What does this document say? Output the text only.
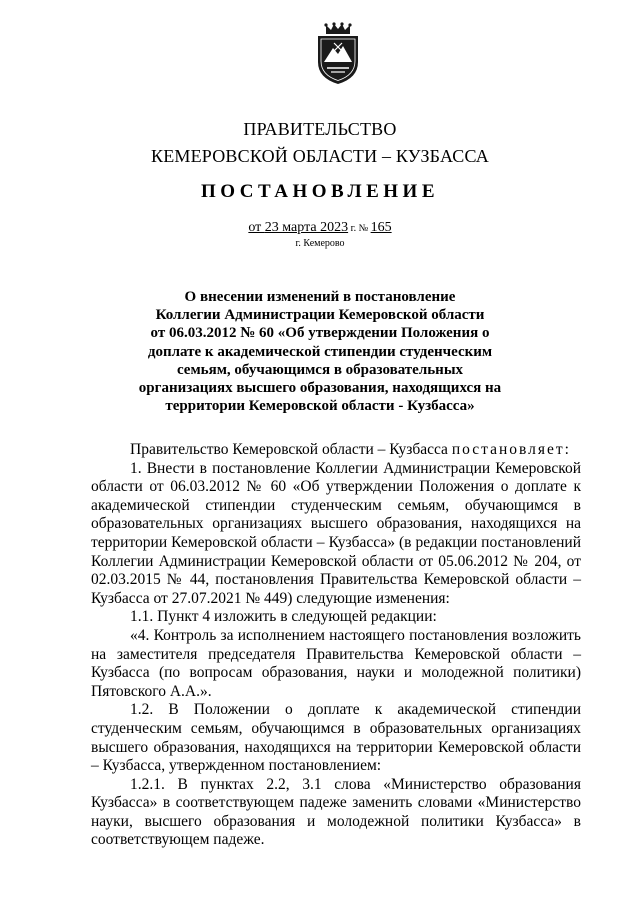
ПРАВИТЕЛЬСТВО
КЕМЕРОВСКОЙ ОБЛАСТИ – КУЗБАССА
ПОСТАНОВЛЕНИЕ
от 23 марта 2023 г. № 165
г. Кемерово
О внесении изменений в постановление
Коллегии Администрации Кемеровской области
от 06.03.2012 № 60 «Об утверждении Положения о
доплате к академической стипендии студенческим
семьям, обучающимся в образовательных
организациях высшего образования, находящихся на
территории Кемеровской области - Кузбасса»

Правительство Кемеровской области – Кузбасса постановляет:

1. Внести в постановление Коллегии Администрации Кемеровской области от 06.03.2012 № 60 «Об утверждении Положения о доплате к академической стипендии студенческим семьям, обучающимся в образовательных организациях высшего образования, находящихся на территории Кемеровской области – Кузбасса» (в редакции постановлений Коллегии Администрации Кемеровской области от 05.06.2012 № 204, от 02.03.2015 № 44, постановления Правительства Кемеровской области – Кузбасса от 27.07.2021 № 449) следующие изменения:

1.1. Пункт 4 изложить в следующей редакции:

«4. Контроль за исполнением настоящего постановления возложить на заместителя председателя Правительства Кемеровской области – Кузбасса (по вопросам образования, науки и молодежной политики) Пятовского А.А.».

1.2. В Положении о доплате к академической стипендии студенческим семьям, обучающимся в образовательных организациях высшего образования, находящихся на территории Кемеровской области – Кузбасса, утвержденном постановлением:

1.2.1. В пунктах 2.2, 3.1 слова «Министерство образования Кузбасса» в соответствующем падеже заменить словами «Министерство науки, высшего образования и молодежной политики Кузбасса» в соответствующем падеже.
